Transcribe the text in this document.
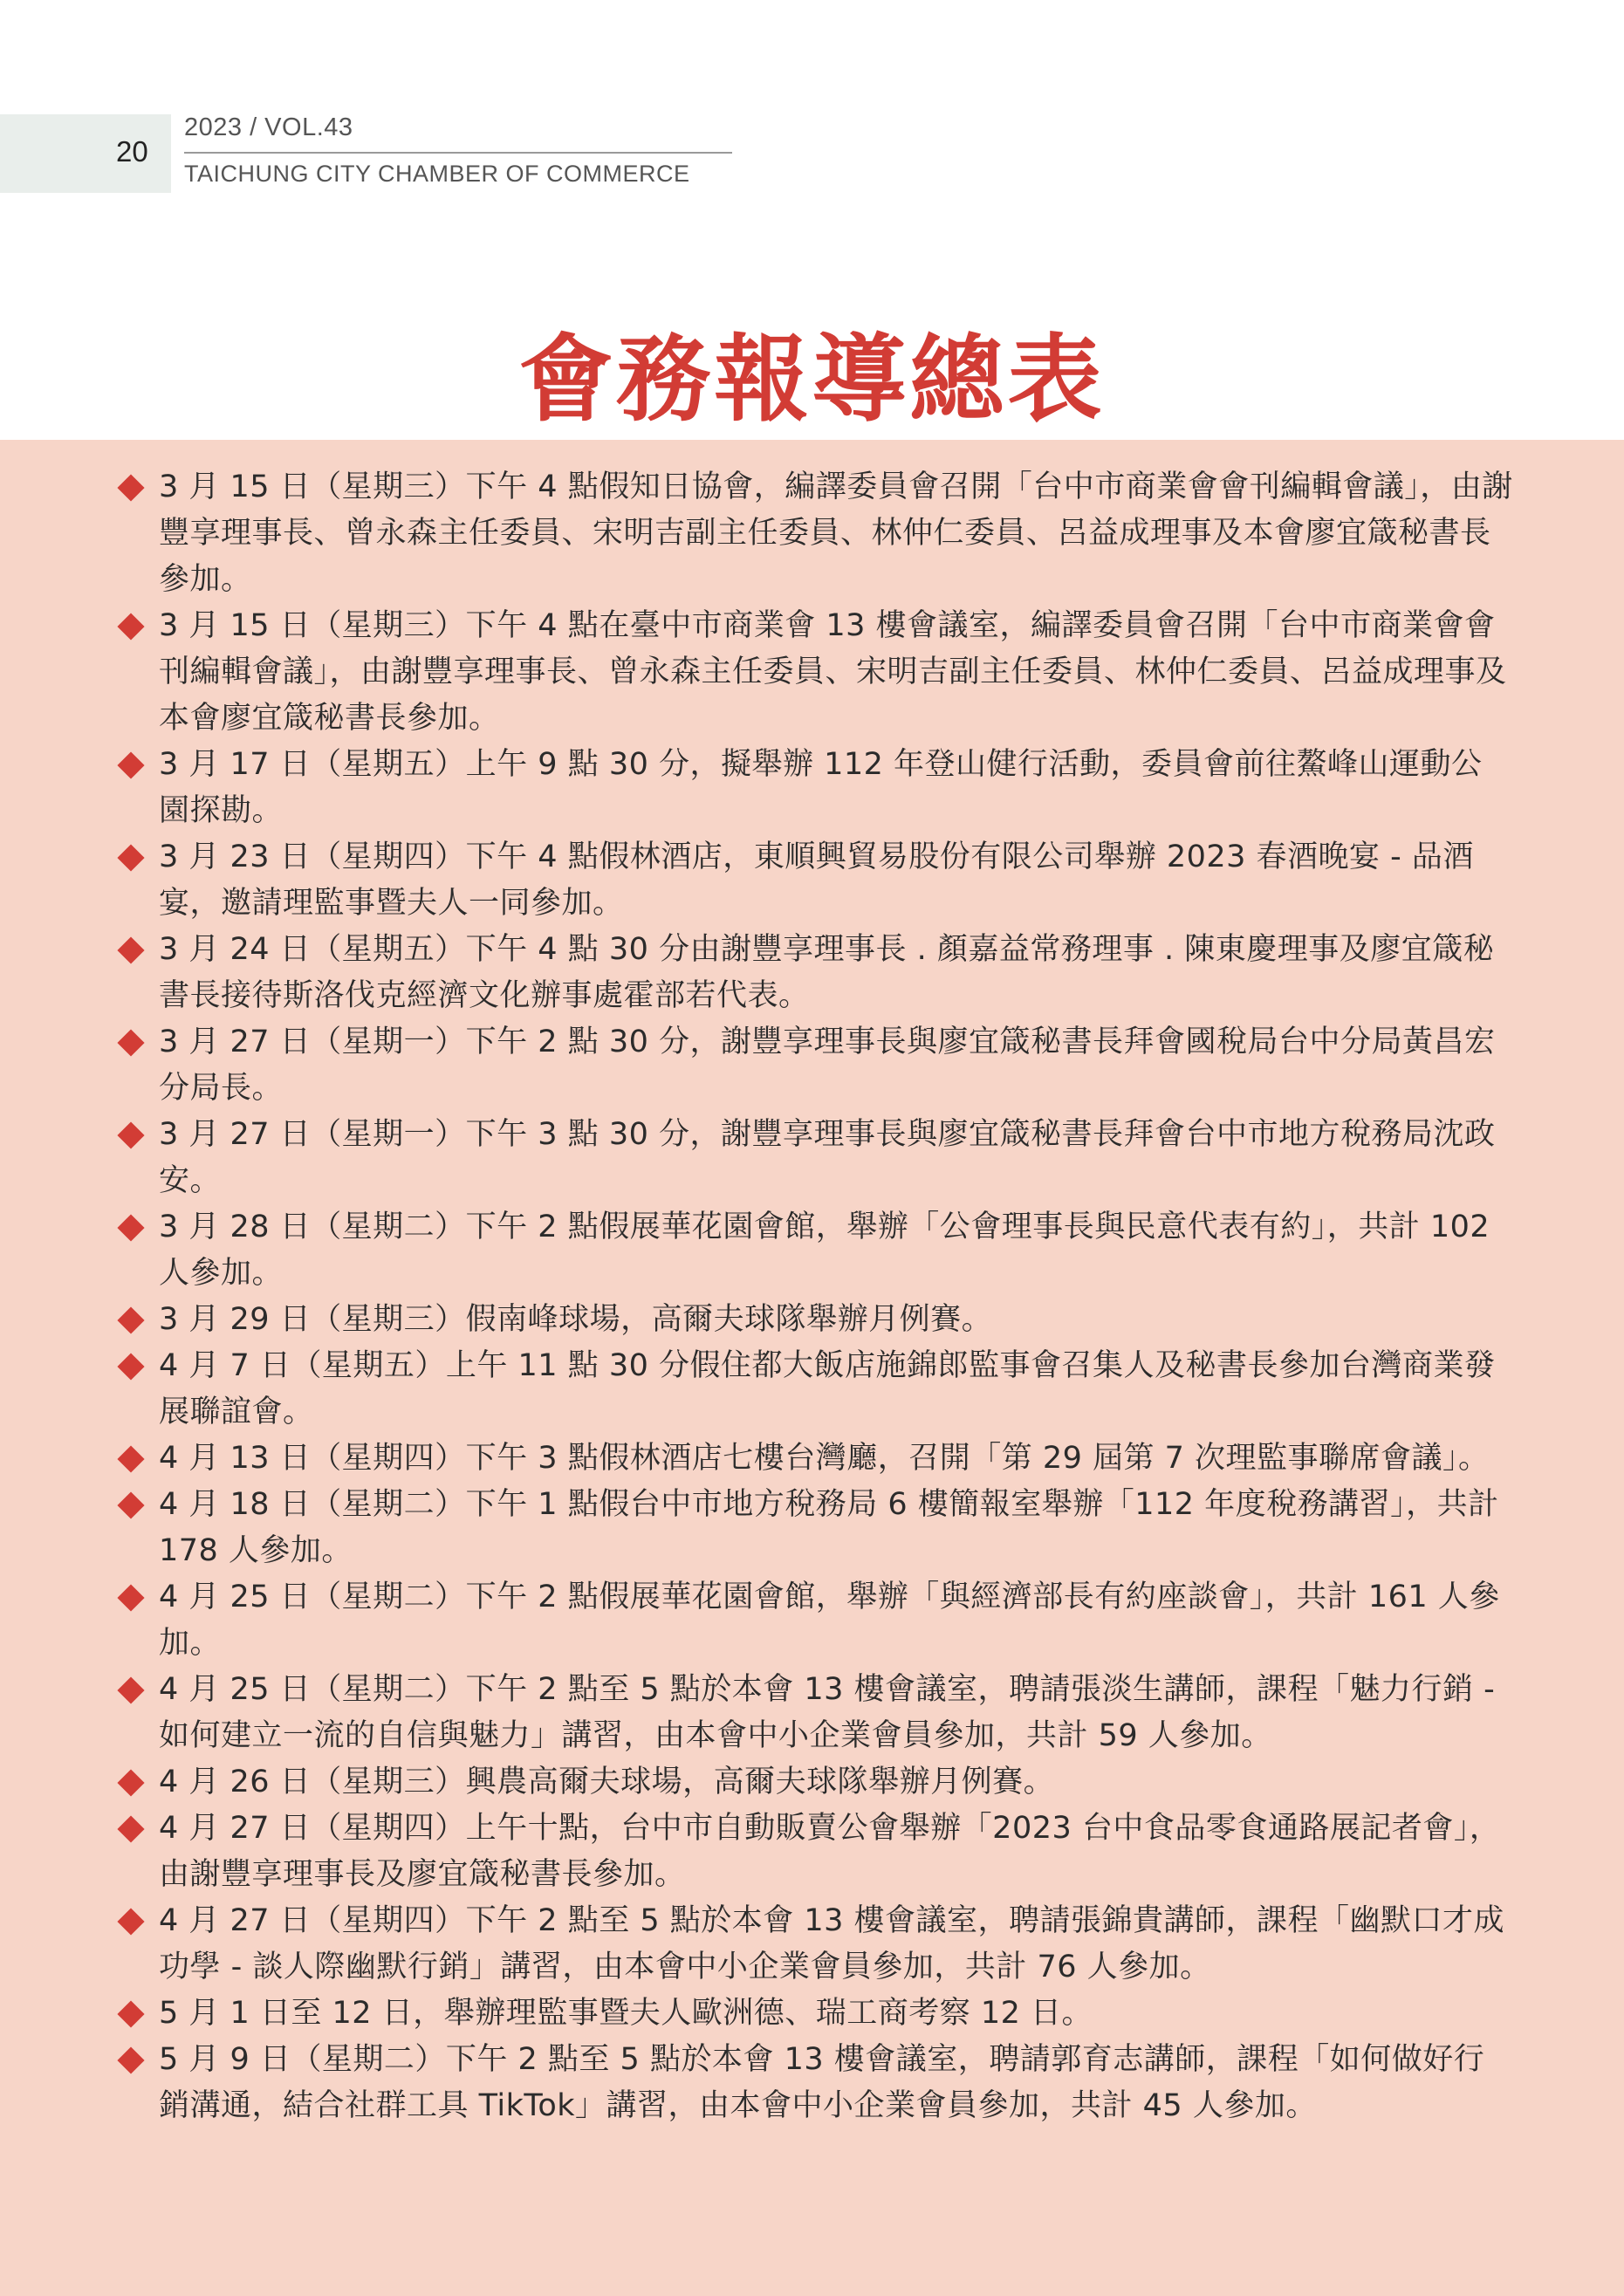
20
2023 / VOL.43
TAICHUNG CITY CHAMBER OF COMMERCE
會務報導總表
3 月 15 日（星期三）下午 4 點假知日協會，編譯委員會召開「台中市商業會會刊編輯會議」，由謝豐享理事長、曾永森主任委員、宋明吉副主任委員、林仲仁委員、呂益成理事及本會廖宜箴秘書長參加。
3 月 15 日（星期三）下午 4 點在臺中市商業會 13 樓會議室，編譯委員會召開「台中市商業會會刊編輯會議」，由謝豐享理事長、曾永森主任委員、宋明吉副主任委員、林仲仁委員、呂益成理事及本會廖宜箴秘書長參加。
3 月 17 日（星期五）上午 9 點 30 分，擬舉辦 112 年登山健行活動，委員會前往鰲峰山運動公園探勘。
3 月 23 日（星期四）下午 4 點假林酒店，東順興貿易股份有限公司舉辦 2023 春酒晚宴 - 品酒宴，邀請理監事暨夫人一同參加。
3 月 24 日（星期五）下午 4 點 30 分由謝豐享理事長 . 顏嘉益常務理事 . 陳東慶理事及廖宜箴秘書長接待斯洛伐克經濟文化辦事處霍部若代表。
3 月 27 日（星期一）下午 2 點 30 分，謝豐享理事長與廖宜箴秘書長拜會國稅局台中分局黃昌宏分局長。
3 月 27 日（星期一）下午 3 點 30 分，謝豐享理事長與廖宜箴秘書長拜會台中市地方稅務局沈政安。
3 月 28 日（星期二）下午 2 點假展華花園會館，舉辦「公會理事長與民意代表有約」，共計 102 人參加。
3 月 29 日（星期三）假南峰球場，高爾夫球隊舉辦月例賽。
4 月 7 日（星期五）上午 11 點 30 分假住都大飯店施錦郎監事會召集人及秘書長參加台灣商業發展聯誼會。
4 月 13 日（星期四）下午 3 點假林酒店七樓台灣廳，召開「第 29 屆第 7 次理監事聯席會議」。
4 月 18 日（星期二）下午 1 點假台中市地方稅務局 6 樓簡報室舉辦「112 年度稅務講習」，共計 178 人參加。
4 月 25 日（星期二）下午 2 點假展華花園會館，舉辦「與經濟部長有約座談會」，共計 161 人參加。
4 月 25 日（星期二）下午 2 點至 5 點於本會 13 樓會議室，聘請張淡生講師，課程「魅力行銷 - 如何建立一流的自信與魅力」講習，由本會中小企業會員參加，共計 59 人參加。
4 月 26 日（星期三）興農高爾夫球場，高爾夫球隊舉辦月例賽。
4 月 27 日（星期四）上午十點，台中市自動販賣公會舉辦「2023 台中食品零食通路展記者會」，由謝豐享理事長及廖宜箴秘書長參加。
4 月 27 日（星期四）下午 2 點至 5 點於本會 13 樓會議室，聘請張錦貴講師，課程「幽默口才成功學 - 談人際幽默行銷」講習，由本會中小企業會員參加，共計 76 人參加。
5 月 1 日至 12 日，舉辦理監事暨夫人歐洲德、瑞工商考察 12 日。
5 月 9 日（星期二）下午 2 點至 5 點於本會 13 樓會議室，聘請郭育志講師，課程「如何做好行銷溝通，結合社群工具 TikTok」講習，由本會中小企業會員參加，共計 45 人參加。
